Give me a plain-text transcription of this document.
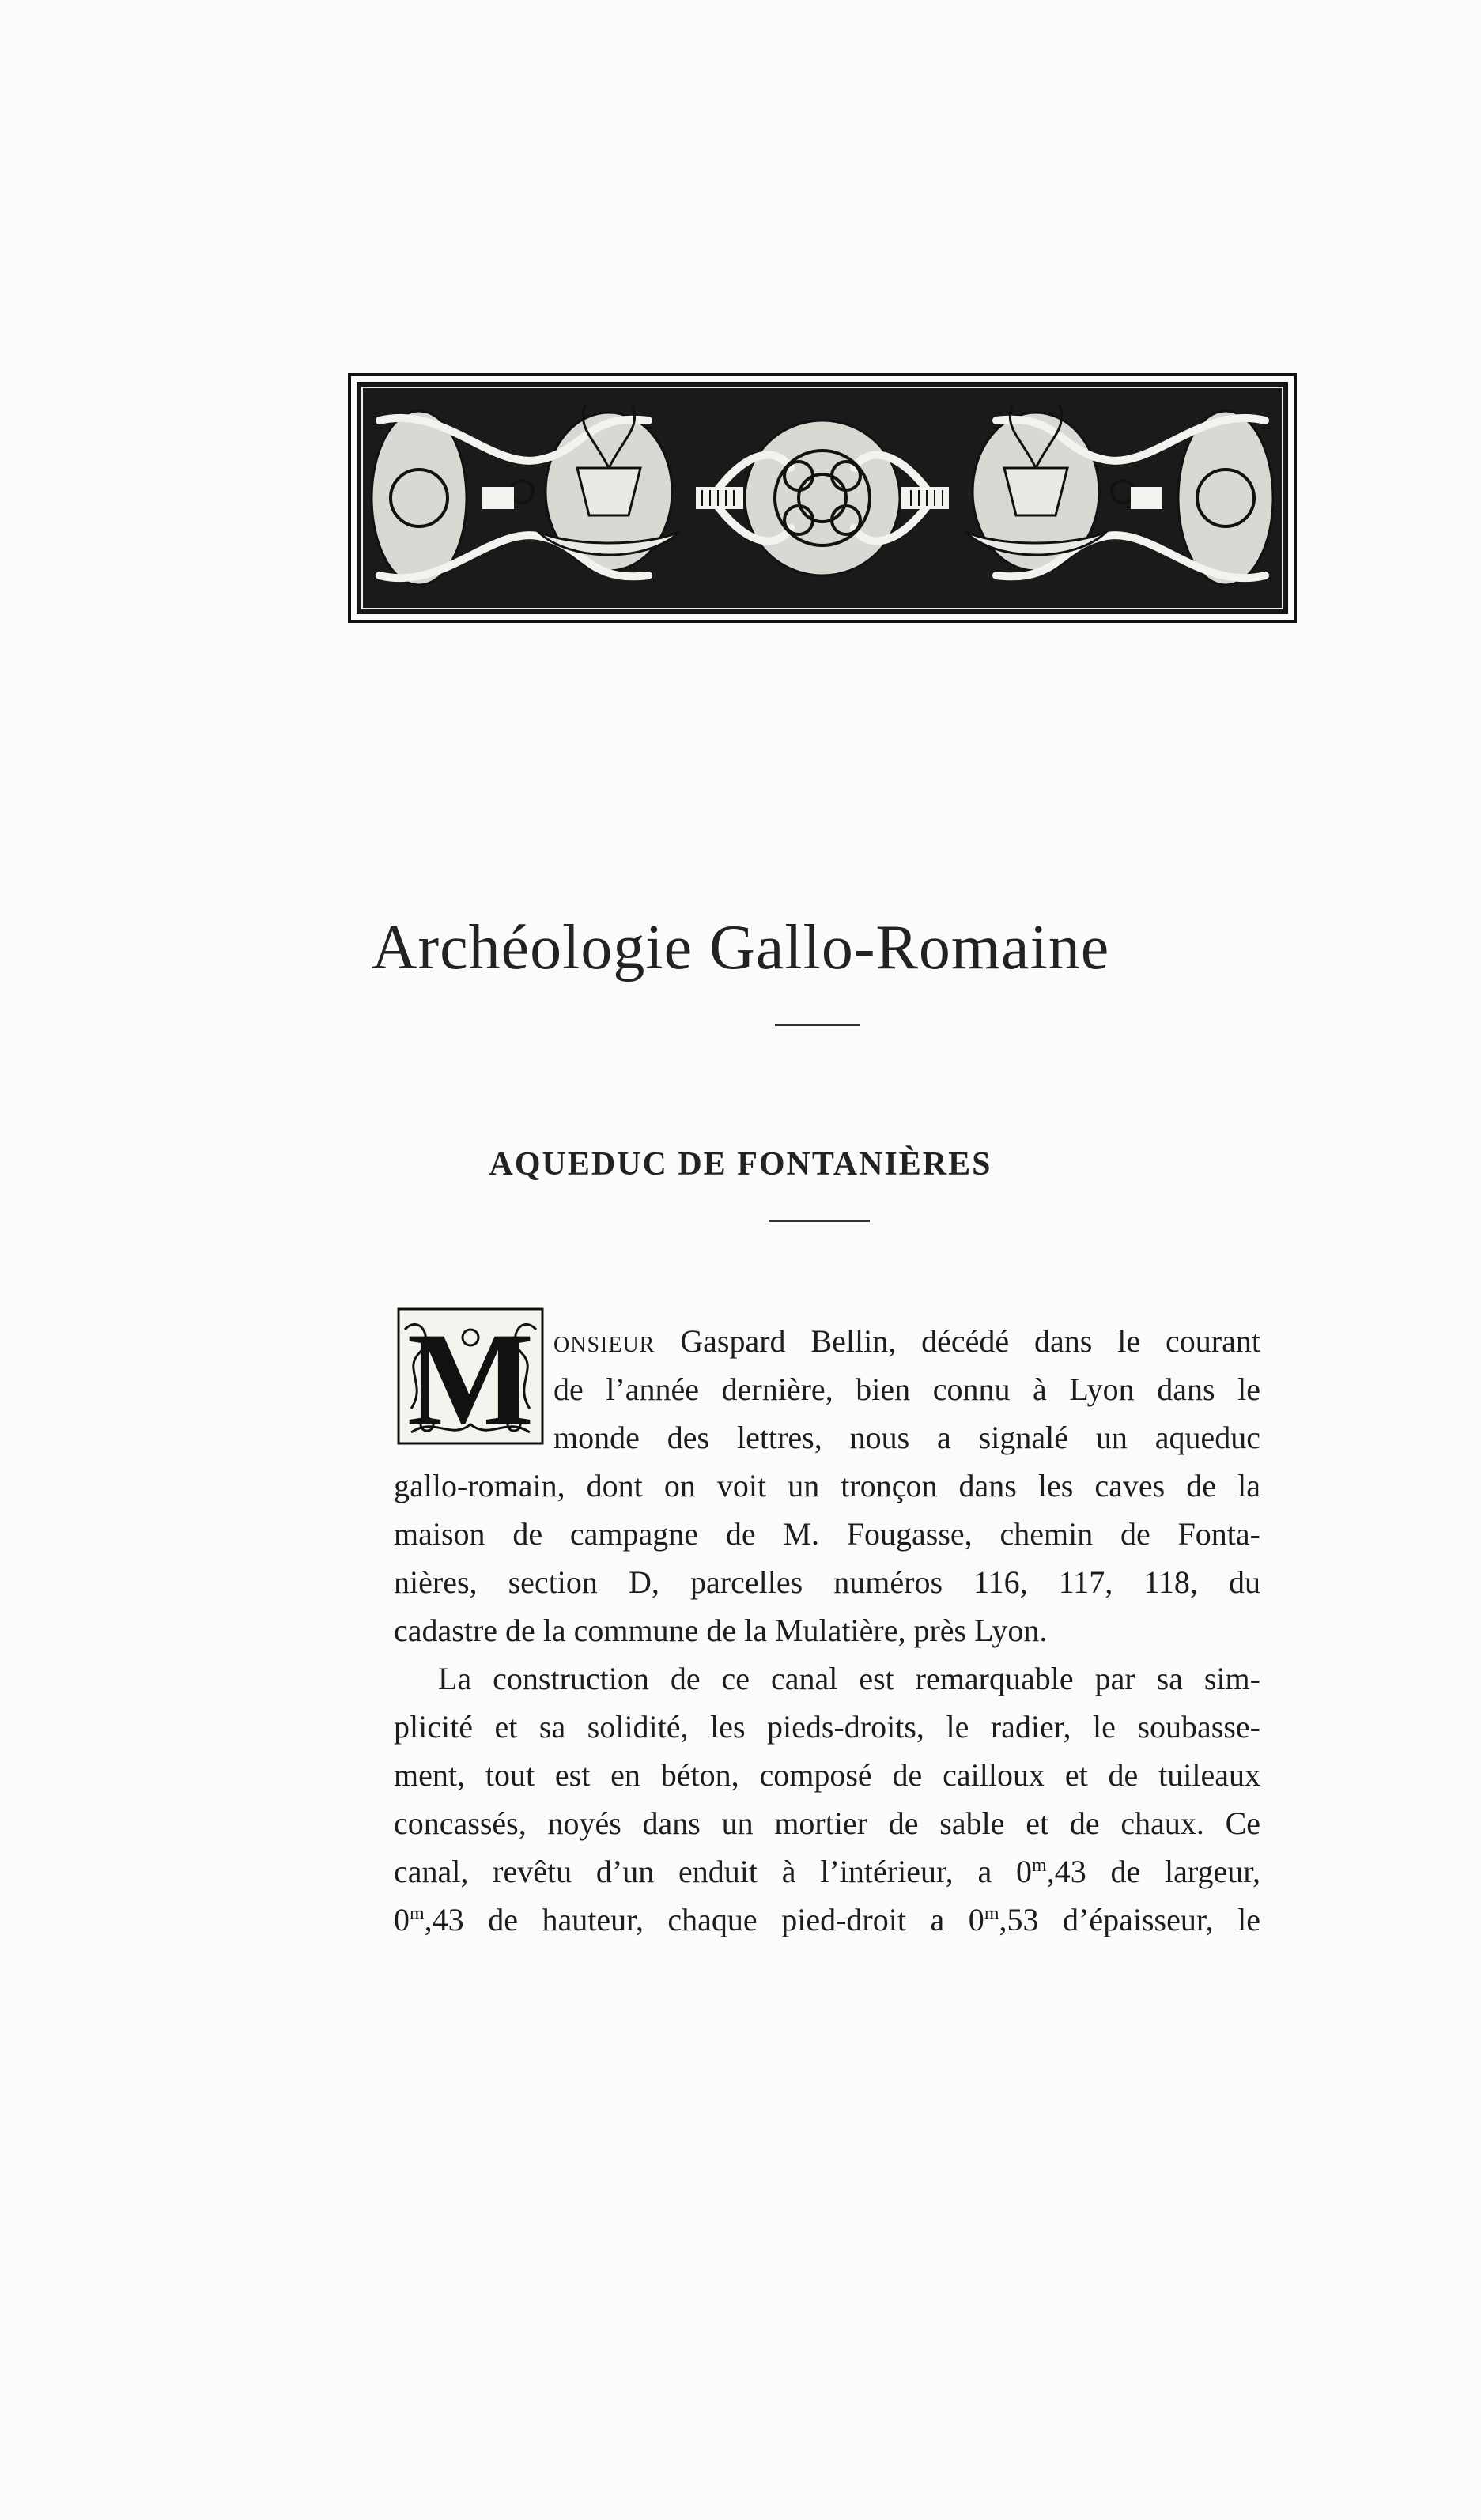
Archéologie Gallo-Romaine
AQUEDUC DE FONTANIÈRES
M onsieur Gaspard Bellin, décédé dans le courant
de l’année dernière, bien connu à Lyon dans le
monde des lettres, nous a signalé un aqueduc
gallo-romain, dont on voit un tronçon dans les caves de la
maison de campagne de M. Fougasse, chemin de Fonta-
nières, section D, parcelles numéros 116, 117, 118, du
cadastre de la commune de la Mulatière, près Lyon.
La construction de ce canal est remarquable par sa sim-
plicité et sa solidité, les pieds-droits, le radier, le soubasse-
ment, tout est en béton, composé de cailloux et de tuileaux
concassés, noyés dans un mortier de sable et de chaux. Ce
canal, revêtu d’un enduit à l’intérieur, a 0$^m$,43 de largeur,
0$^m$,43 de hauteur, chaque pied-droit a 0$^m$,53 d’épaisseur, le
